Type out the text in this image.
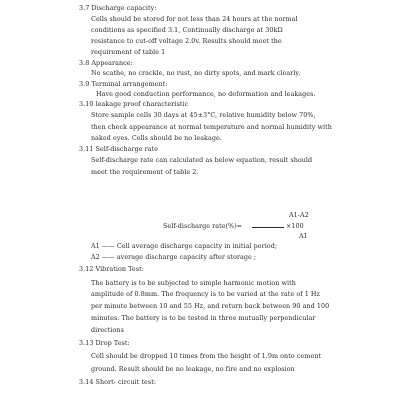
3.7 Discharge capacity:
Cells should be stored for not less than 24 hours at the normal
conditions as specified 3.1, Continually discharge at 30kΩ
resistance to cut-off voltage 2.0v. Results should meet the
requirement of table 1
3.8 Appearance:
No scathe, no crackle, no rust, no dirty spots, and mark clearly.
3.9 Terminal arrangement:
Have good conduction performance, no deformation and leakages.
3.10 leakage proof characteristic
Store sample cells 30 days at 45±3°C, relative humidity below 70%,
then check appearance at normal temperature and normal humidity with
naked eyes. Cells should be no leakage.
3.11 Self-discharge rate
Self-discharge rate can calculated as below equation, result should
meet the requirement of table 2.
A1-A2
Self-discharge rate(%)=	×100
A1
A1 —— Cell average discharge capacity in initial period;
A2 —— average discharge capacity after storage ;
3.12 Vibration Test:
The battery is to be subjected to simple harmonic motion with
amplitude of 0.8mm. The frequency is to be varied at the rate of 1 Hz
per minute between 10 and 55 Hz, and return back between 90 and 100
minutes. The battery is to be tested in three mutually perpendicular
directions
3.13 Drop Test:
Cell should be dropped 10 times from the height of 1.9m onto cement
ground. Result should be no leakage, no fire and no explosion
3.14 Short- circuit test:
